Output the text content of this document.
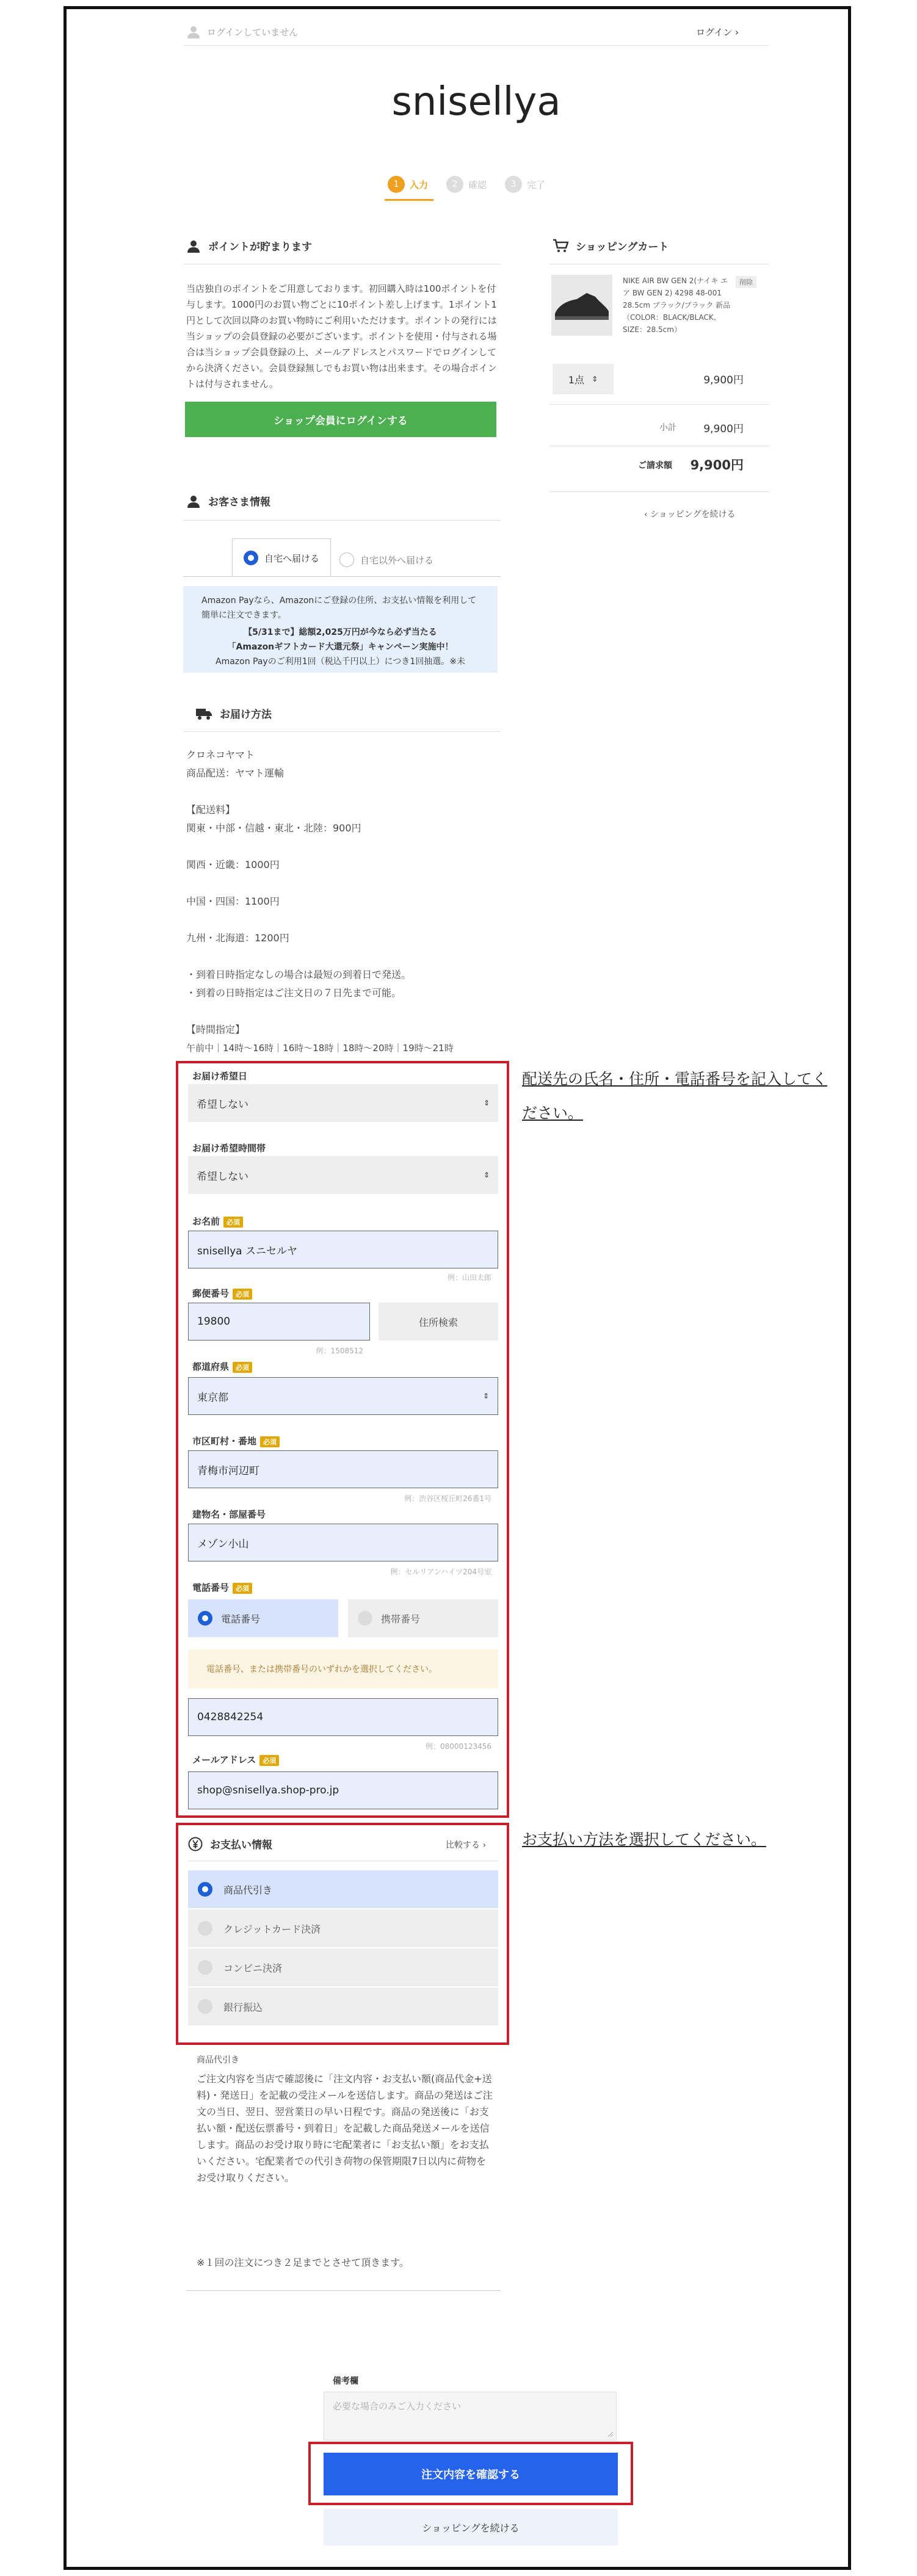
ログインしていません	ログイン ›
snisellya
1	入力	2	確認	3	完了
ポイントが貯まります
当店独自のポイントをご用意しております。初回購入時は100ポイントを付与します。1000円のお買い物ごとに10ポイント差し上げます。1ポイント1円として次回以降のお買い物時にご利用いただけます。ポイントの発行には当ショップの会員登録の必要がございます。ポイントを使用・付与される場合は当ショップ会員登録の上、メールアドレスとパスワードでログインしてから決済ください。会員登録無しでもお買い物は出来ます。その場合ポイントは付与されません。
ショップ会員にログインする
ショッピングカート
NIKE AIR BW GEN 2(ナイキ エア BW GEN 2) 4298 48-001 28.5cm ブラック/ブラック 新品（COLOR：BLACK/BLACK、SIZE：28.5cm）
削除
1点 ⇕	9,900円
小計	9,900円
ご請求額	9,900円
‹ ショッピングを続ける
お客さま情報
自宅へ届ける	自宅以外へ届ける
Amazon Payなら、Amazonにご登録の住所、お支払い情報を利用して簡単に注文できます。
【5/31まで】総額2,025万円が今なら必ず当たる
「Amazonギフトカード大還元祭」キャンペーン実施中！
Amazon Payのご利用1回（税込千円以上）につき1回抽選。※未
お届け方法
クロネコヤマト
商品配送：ヤマト運輸
【配送料】
関東・中部・信越・東北・北陸：900円
関西・近畿：1000円
中国・四国：1100円
九州・北海道：1200円
・到着日時指定なしの場合は最短の到着日で発送。
・到着の日時指定はご注文日の７日先まで可能。
【時間指定】
午前中｜14時〜16時｜16時〜18時｜18時〜20時｜19時〜21時
配送先の氏名・住所・電話番号を記入してください。
お届け希望日
希望しない	⇕
お届け希望時間帯
希望しない	⇕
お名前 必須
snisellya スニセルヤ
例：山田太郎
郵便番号 必須
19800	住所検索
例：1508512
都道府県 必須
東京都	⇕
市区町村・番地 必須
青梅市河辺町
例：渋谷区桜丘町26番1号
建物名・部屋番号
メゾン小山
例：セルリアンハイツ204号室
電話番号 必須
電話番号	携帯番号
電話番号、または携帯番号のいずれかを選択してください。
0428842254
例：08000123456
メールアドレス 必須
shop@snisellya.shop-pro.jp
お支払い方法を選択してください。
お支払い情報	比較する ›
商品代引き
クレジットカード決済
コンビニ決済
銀行振込
商品代引き
ご注文内容を当店で確認後に「注文内容・お支払い額(商品代金+送料)・発送日」を記載の受注メールを送信します。商品の発送はご注文の当日、翌日、翌営業日の早い日程です。商品の発送後に「お支払い額・配送伝票番号・到着日」を記載した商品発送メールを送信します。商品のお受け取り時に宅配業者に「お支払い額」をお支払いください。宅配業者での代引き荷物の保管期限7日以内に荷物をお受け取りください。
※１回の注文につき２足までとさせて頂きます。
備考欄
必要な場合のみご入力ください
注文内容を確認する
ショッピングを続ける
